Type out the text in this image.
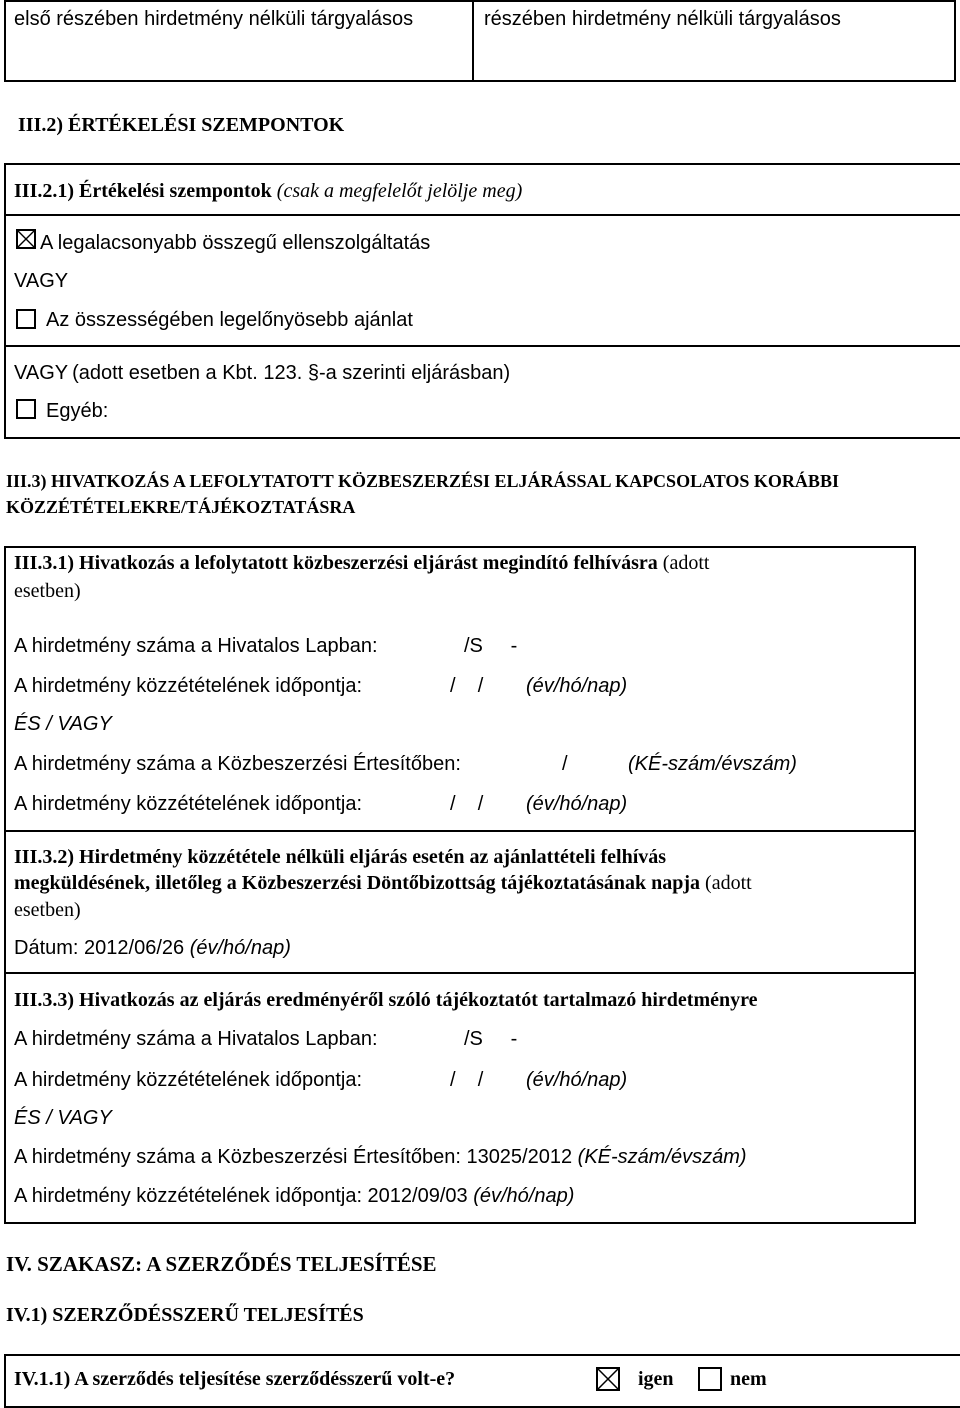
első részében hirdetmény nélküli tárgyalásos	részében hirdetmény nélküli tárgyalásos
III.2) ÉRTÉKELÉSI SZEMPONTOK
III.2.1) Értékelési szempontok (csak a megfelelőt jelölje meg)
A legalacsonyabb összegű ellenszolgáltatás
VAGY
Az összességében legelőnyösebb ajánlat
VAGY (adott esetben a Kbt. 123. §-a szerinti eljárásban)
Egyéb:
III.3) HIVATKOZÁS A LEFOLYTATOTT KÖZBESZERZÉSI ELJÁRÁSSAL KAPCSOLATOS KORÁBBI
KÖZZÉTÉTELEKRE/TÁJÉKOZTATÁSRA
III.3.1) Hivatkozás a lefolytatott közbeszerzési eljárást megindító felhívásra (adott
esetben)
A hirdetmény száma a Hivatalos Lapban:	/S     -
A hirdetmény közzétételének időpontja:	/    / (év/hó/nap)
ÉS / VAGY
A hirdetmény száma a Közbeszerzési Értesítőben:	/	(KÉ-szám/évszám)
A hirdetmény közzétételének időpontja:	/    / (év/hó/nap)
III.3.2) Hirdetmény közzététele nélküli eljárás esetén az ajánlattételi felhívás
megküldésének, illetőleg a Közbeszerzési Döntőbizottság tájékoztatásának napja (adott
esetben)
Dátum: 2012/06/26 (év/hó/nap)
III.3.3) Hivatkozás az eljárás eredményéről szóló tájékoztatót tartalmazó hirdetményre
A hirdetmény száma a Hivatalos Lapban:	/S     -
A hirdetmény közzétételének időpontja:	/    / (év/hó/nap)
ÉS / VAGY
A hirdetmény száma a Közbeszerzési Értesítőben: 13025/2012 (KÉ-szám/évszám)
A hirdetmény közzétételének időpontja: 2012/09/03 (év/hó/nap)
IV. SZAKASZ: A SZERZŐDÉS TELJESÍTÉSE
IV.1) SZERZŐDÉSSZERŰ TELJESÍTÉS
IV.1.1) A szerződés teljesítése szerződésszerű volt-e?	igen	nem
